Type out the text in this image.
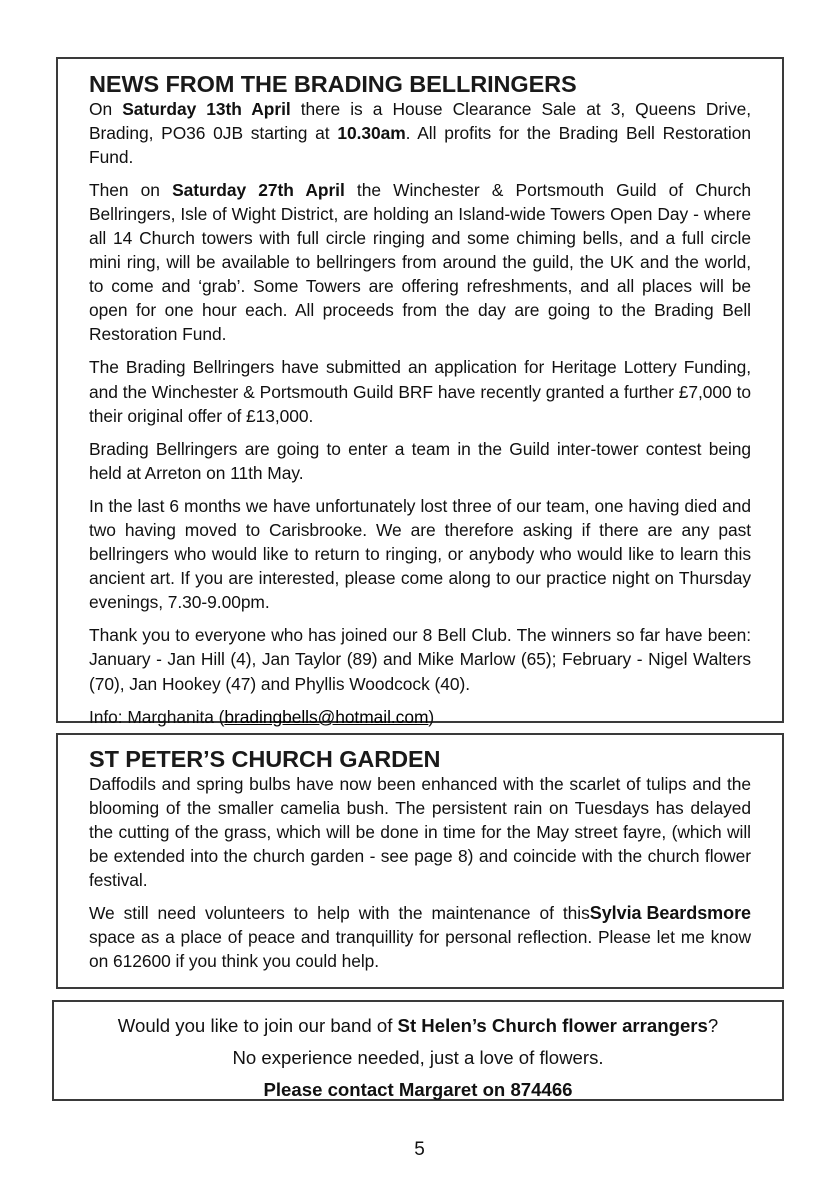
NEWS FROM THE BRADING BELLRINGERS

On Saturday 13th April there is a House Clearance Sale at 3, Queens Drive, Brading, PO36 0JB starting at 10.30am. All profits for the Brading Bell Restoration Fund.

Then on Saturday 27th April the Winchester & Portsmouth Guild of Church Bellringers, Isle of Wight District, are holding an Island-wide Towers Open Day - where all 14 Church towers with full circle ringing and some chiming bells, and a full circle mini ring, will be available to bellringers from around the guild, the UK and the world, to come and ‘grab’. Some Towers are offering refreshments, and all places will be open for one hour each. All proceeds from the day are going to the Brading Bell Restoration Fund.

The Brading Bellringers have submitted an application for Heritage Lottery Funding, and the Winchester & Portsmouth Guild BRF have recently granted a further £7,000 to their original offer of £13,000.

Brading Bellringers are going to enter a team in the Guild inter-tower contest being held at Arreton on 11th May.

In the last 6 months we have unfortunately lost three of our team, one having died and two having moved to Carisbrooke. We are therefore asking if there are any past bellringers who would like to return to ringing, or anybody who would like to learn this ancient art. If you are interested, please come along to our practice night on Thursday evenings, 7.30-9.00pm.

Thank you to everyone who has joined our 8 Bell Club. The winners so far have been: January - Jan Hill (4), Jan Taylor (89) and Mike Marlow (65); February - Nigel Walters (70), Jan Hookey (47) and Phyllis Woodcock (40).

Info: Marghanita (bradingbells@hotmail.com)

ST PETER’S CHURCH GARDEN

Daffodils and spring bulbs have now been enhanced with the scarlet of tulips and the blooming of the smaller camelia bush. The persistent rain on Tuesdays has delayed the cutting of the grass, which will be done in time for the May street fayre, (which will be extended into the church garden - see page 8) and coincide with the church flower festival.

Sylvia Beardsmore
We still need volunteers to help with the maintenance of this space as a place of peace and tranquillity for personal reflection. Please let me know on 612600 if you think you could help.

Would you like to join our band of St Helen’s Church flower arrangers?

No experience needed, just a love of flowers.

Please contact Margaret on 874466

5
